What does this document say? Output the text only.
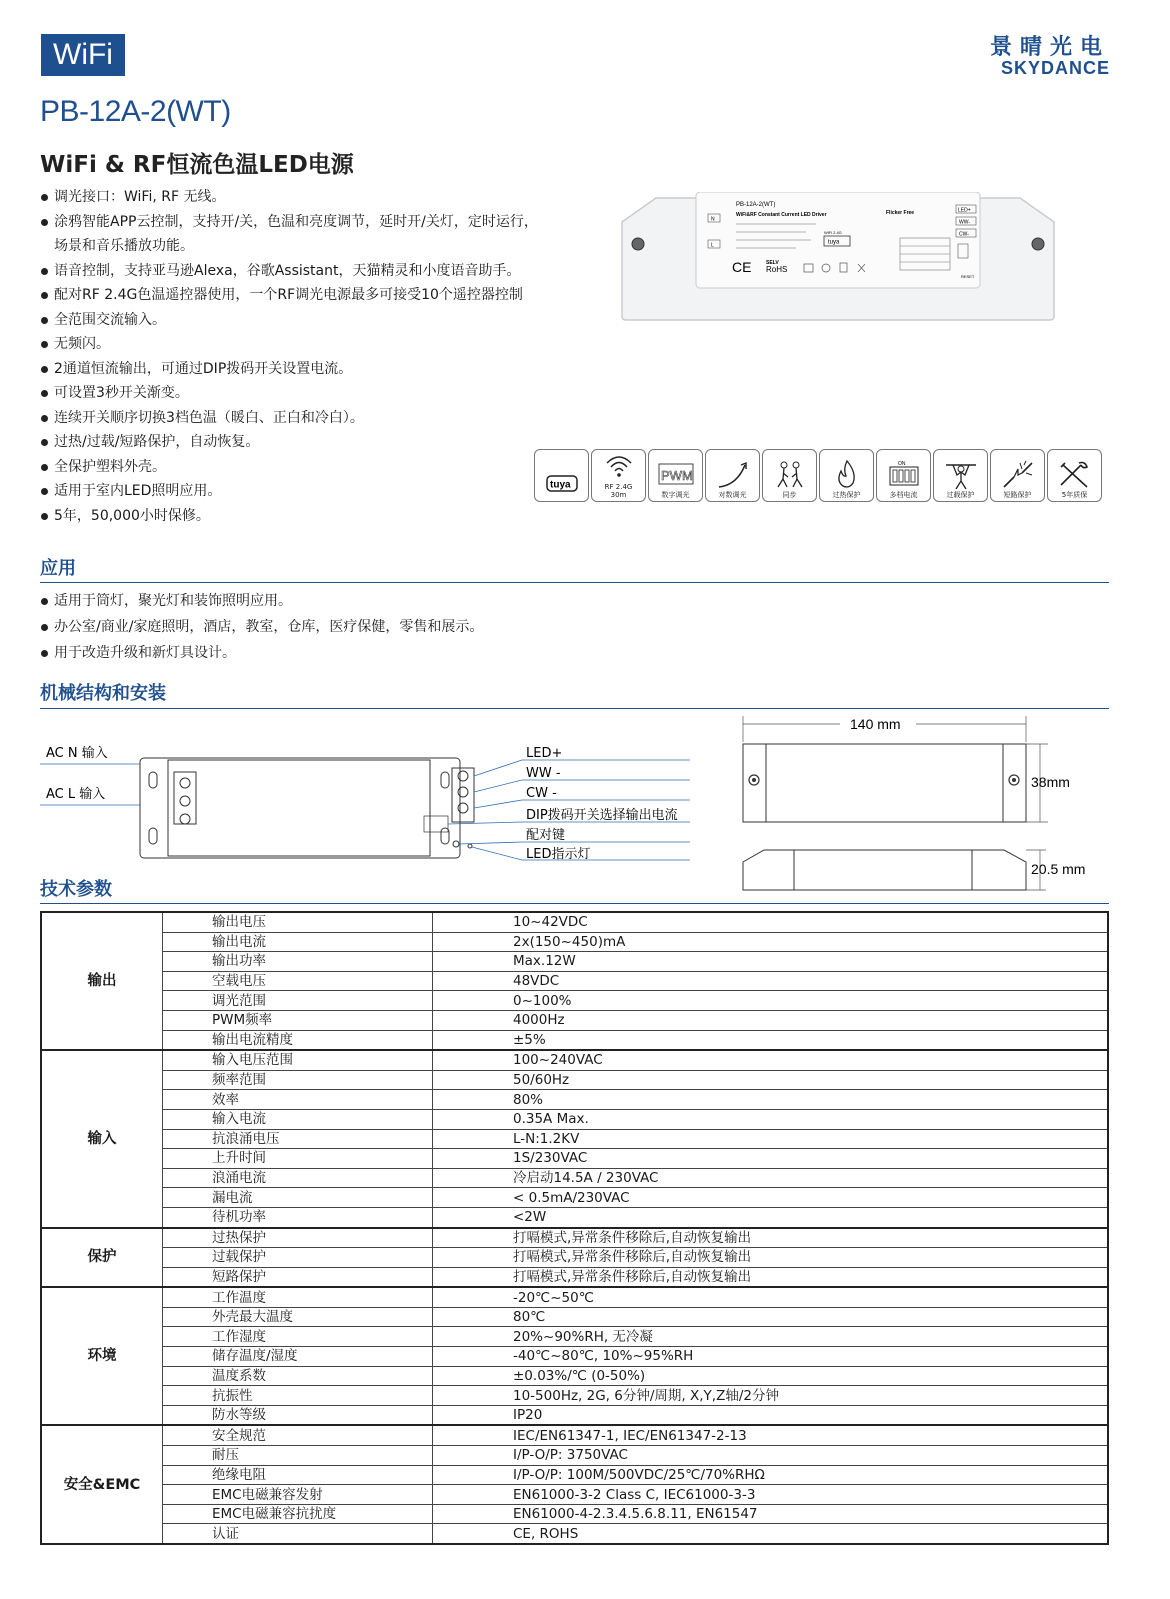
WiFi	景晴光电
SKYDANCE
PB-12A-2(WT)
WiFi & RF恒流色温LED电源
调光接口：WiFi, RF 无线。
涂鸦智能APP云控制，支持开/关，色温和亮度调节，延时开/关灯，定时运行，
场景和音乐播放功能。
语音控制，支持亚马逊Alexa，谷歌Assistant，天猫精灵和小度语音助手。
配对RF 2.4G色温遥控器使用，一个RF调光电源最多可接受10个遥控器控制
全范围交流输入。
无频闪。
2通道恒流输出，可通过DIP拨码开关设置电流。
可设置3秒开关渐变。
连续开关顺序切换3档色温（暖白、正白和冷白）。
过热/过载/短路保护，自动恢复。
全保护塑料外壳。
适用于室内LED照明应用。
5年，50,000小时保修。
PB-12A-2(WT)
WiFi&RF Constant Current LED Driver
N
L
Flicker Free	LED+
WW-
CW-
RESET
tuya
WiFi 2.4G
CE	SELV
RoHS
tuya	RF 2.4G
30m
PWM
数字调光	对数调光	同步	过热保护
ON
多档电流	过载保护	短路保护	5年质保
应用
适用于筒灯，聚光灯和装饰照明应用。
办公室/商业/家庭照明，酒店，教室，仓库，医疗保健，零售和展示。
用于改造升级和新灯具设计。
机械结构和安装
AC N 输入
AC L 输入
LED+
WW -
CW -
DIP拨码开关选择输出电流
配对键
LED指示灯
140 mm
38mm
20.5 mm
技术参数
输出	输出电压	10~42VDC
	输出电流	2x(150~450)mA
	输出功率	Max.12W
	空载电压	48VDC
	调光范围	0~100%
	PWM频率	4000Hz
	输出电流精度	±5%
输入	输入电压范围	100~240VAC
	频率范围	50/60Hz
	效率	80%
	输入电流	0.35A Max.
	抗浪涌电压	L-N:1.2KV
	上升时间	1S/230VAC
	浪涌电流	冷启动14.5A / 230VAC
	漏电流	< 0.5mA/230VAC
	待机功率	<2W
保护	过热保护	打嗝模式,异常条件移除后,自动恢复输出
	过载保护	打嗝模式,异常条件移除后,自动恢复输出
	短路保护	打嗝模式,异常条件移除后,自动恢复输出
环境	工作温度	-20℃~50℃
	外壳最大温度	80℃
	工作湿度	20%~90%RH, 无冷凝
	储存温度/湿度	-40℃~80℃, 10%~95%RH
	温度系数	±0.03%/℃ (0-50%)
	抗振性	10-500Hz, 2G, 6分钟/周期, X,Y,Z轴/2分钟
	防水等级	IP20
安全&EMC	安全规范	IEC/EN61347-1, IEC/EN61347-2-13
	耐压	I/P-O/P: 3750VAC
	绝缘电阻	I/P-O/P: 100M/500VDC/25℃/70%RHΩ
	EMC电磁兼容发射	EN61000-3-2 Class C, IEC61000-3-3
	EMC电磁兼容抗扰度	EN61000-4-2.3.4.5.6.8.11, EN61547
	认证	CE, ROHS
